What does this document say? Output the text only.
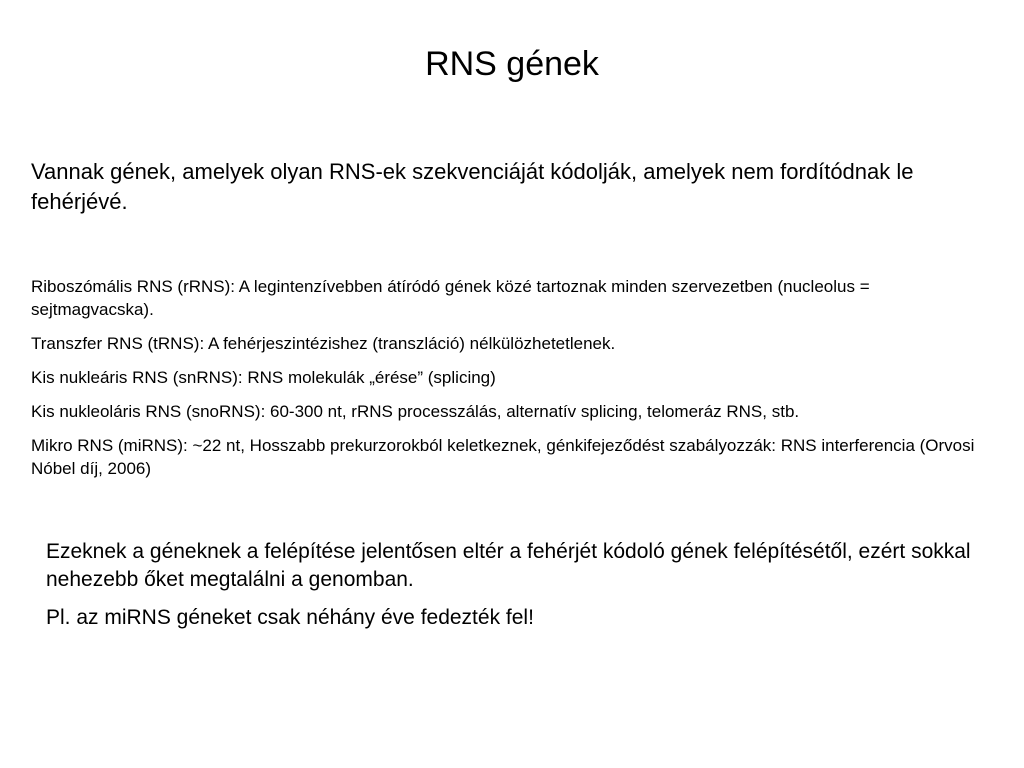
RNS gének

Vannak gének, amelyek olyan RNS-ek szekvenciáját kódolják, amelyek nem fordítódnak le fehérjévé.

Riboszómális RNS (rRNS): A legintenzívebben átíródó gének közé tartoznak minden szervezetben (nucleolus = sejtmagvacska).
Transzfer RNS (tRNS): A fehérjeszintézishez (transzláció) nélkülözhetetlenek.
Kis nukleáris RNS (snRNS): RNS molekulák „érése” (splicing)
Kis nukleoláris RNS (snoRNS): 60-300 nt, rRNS processzálás, alternatív splicing, telomeráz RNS, stb.
Mikro RNS (miRNS): ~22 nt, Hosszabb prekurzorokból keletkeznek, génkifejeződést szabályozzák: RNS interferencia (Orvosi Nóbel díj, 2006)

Ezeknek a géneknek a felépítése jelentősen eltér a fehérjét kódoló gének felépítésétől, ezért sokkal nehezebb őket megtalálni a genomban.

Pl. az miRNS géneket csak néhány éve fedezték fel!
